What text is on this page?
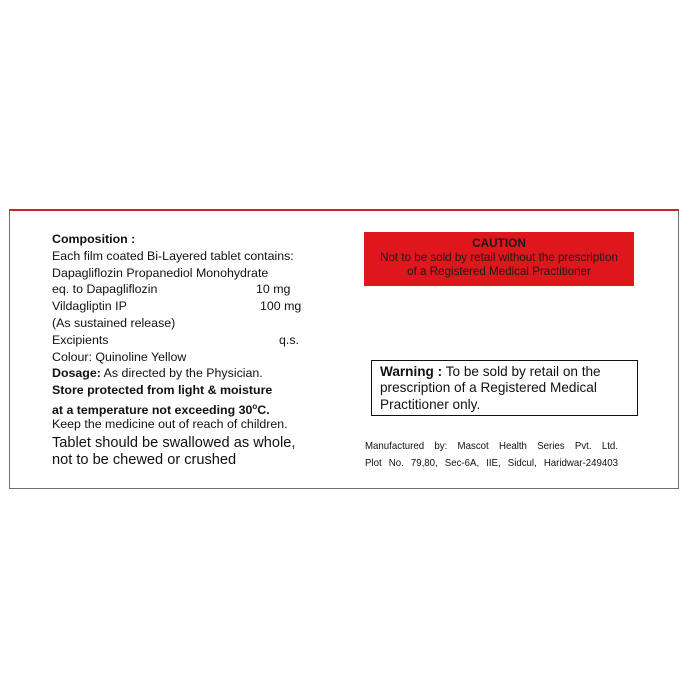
Composition :
Each film coated Bi-Layered tablet contains:
Dapagliflozin Propanediol Monohydrate
eq. to Dapagliflozin	10 mg
Vildagliptin IP	100 mg
(As sustained release)
Excipients	q.s.
Colour: Quinoline Yellow
Dosage: As directed by the Physician.
Store protected from light & moisture
at a temperature not exceeding 30$^o$C.
Keep the medicine out of reach of children.
Tablet should be swallowed as whole,
not to be chewed or crushed
CAUTION
Not to be sold by retail without the prescription
of a Registered Medical Practitioner
Warning : To be sold by retail on the
prescription of a Registered Medical
Practitioner only.
Manufactured by: Mascot Health Series Pvt. Ltd.
Plot No. 79,80, Sec-6A, IIE, Sidcul, Haridwar-249403
